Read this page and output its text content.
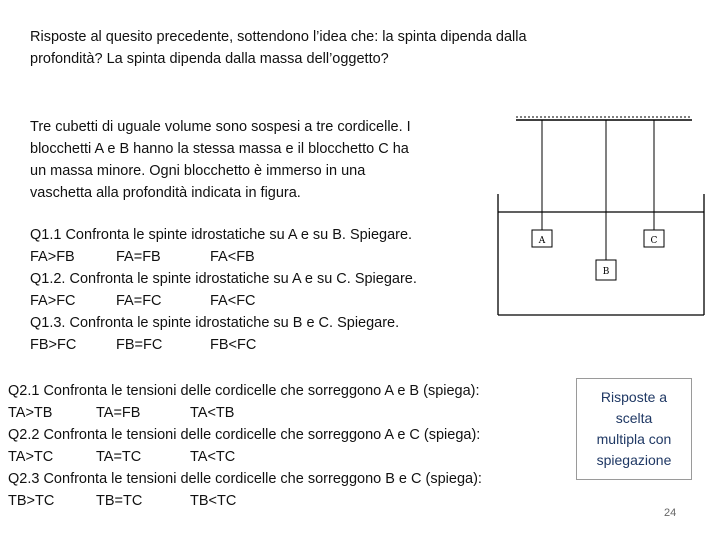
Risposte al quesito precedente, sottendono l’idea che: la spinta dipenda dalla
profondità? La spinta dipenda dalla massa dell’oggetto?
Tre cubetti di uguale volume sono sospesi a tre cordicelle. I
blocchetti A e B hanno la stessa massa e il blocchetto C ha
un massa minore. Ogni blocchetto è immerso in una
vaschetta alla profondità indicata in figura.
Q1.1 Confronta le spinte idrostatiche su A e su B. Spiegare.
FA>FB	FA=FB	FA<FB
Q1.2. Confronta le spinte idrostatiche su A e su C. Spiegare.
FA>FC	FA=FC	FA<FC
Q1.3. Confronta le spinte idrostatiche su B e C. Spiegare.
FB>FC	FB=FC	FB<FC
Q2.1 Confronta le tensioni delle cordicelle che sorreggono A e B (spiega):
TA>TB	TA=FB	TA<TB
Q2.2 Confronta le tensioni delle cordicelle che sorreggono A e C (spiega):
TA>TC	TA=TC	TA<TC
Q2.3 Confronta le tensioni delle cordicelle che sorreggono B e C (spiega):
TB>TC	TB=TC	TB<TC
A
B
C
Risposte a
scelta
multipla con
spiegazione
24
